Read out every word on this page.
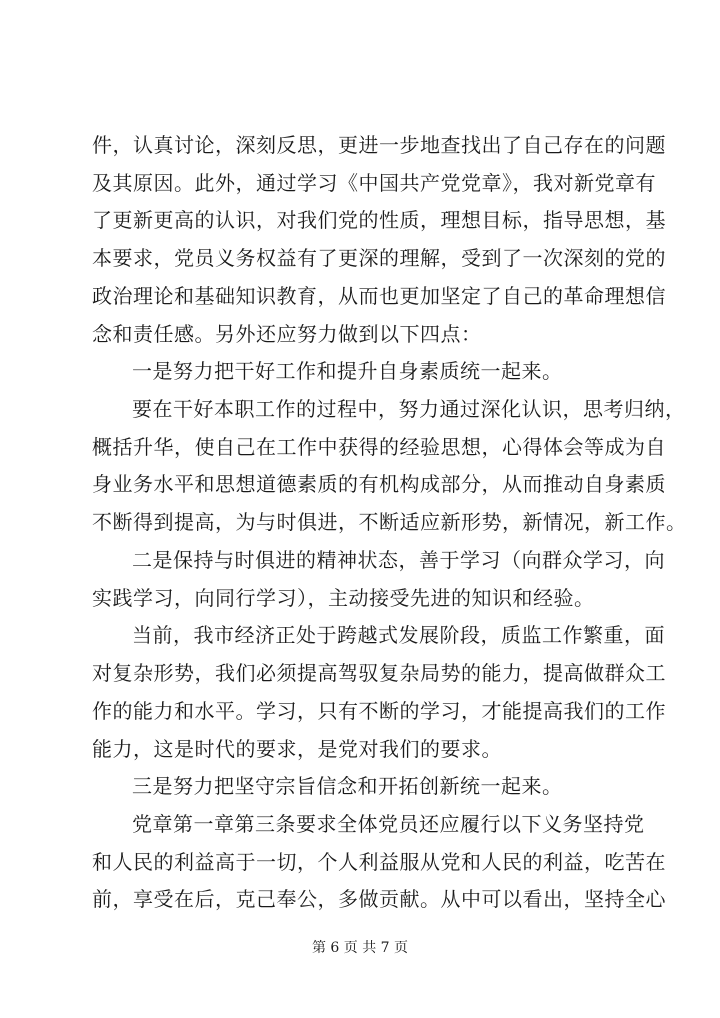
件，认真讨论，深刻反思，更进一步地查找出了自己存在的问题
及其原因。此外，通过学习《中国共产党党章》，我对新党章有
了更新更高的认识，对我们党的性质，理想目标，指导思想，基
本要求，党员义务权益有了更深的理解，受到了一次深刻的党的
政治理论和基础知识教育，从而也更加坚定了自己的革命理想信
念和责任感。另外还应努力做到以下四点：
一是努力把干好工作和提升自身素质统一起来。
要在干好本职工作的过程中，努力通过深化认识，思考归纳，
概括升华，使自己在工作中获得的经验思想，心得体会等成为自
身业务水平和思想道德素质的有机构成部分，从而推动自身素质
不断得到提高，为与时俱进，不断适应新形势，新情况，新工作。
二是保持与时俱进的精神状态，善于学习（向群众学习，向
实践学习，向同行学习），主动接受先进的知识和经验。
当前，我市经济正处于跨越式发展阶段，质监工作繁重，面
对复杂形势，我们必须提高驾驭复杂局势的能力，提高做群众工
作的能力和水平。学习，只有不断的学习，才能提高我们的工作
能力，这是时代的要求，是党对我们的要求。
三是努力把坚守宗旨信念和开拓创新统一起来。
党章第一章第三条要求全体党员还应履行以下义务坚持党
和人民的利益高于一切，个人利益服从党和人民的利益，吃苦在
前，享受在后，克己奉公，多做贡献。从中可以看出，坚持全心
第 6 页 共 7 页
